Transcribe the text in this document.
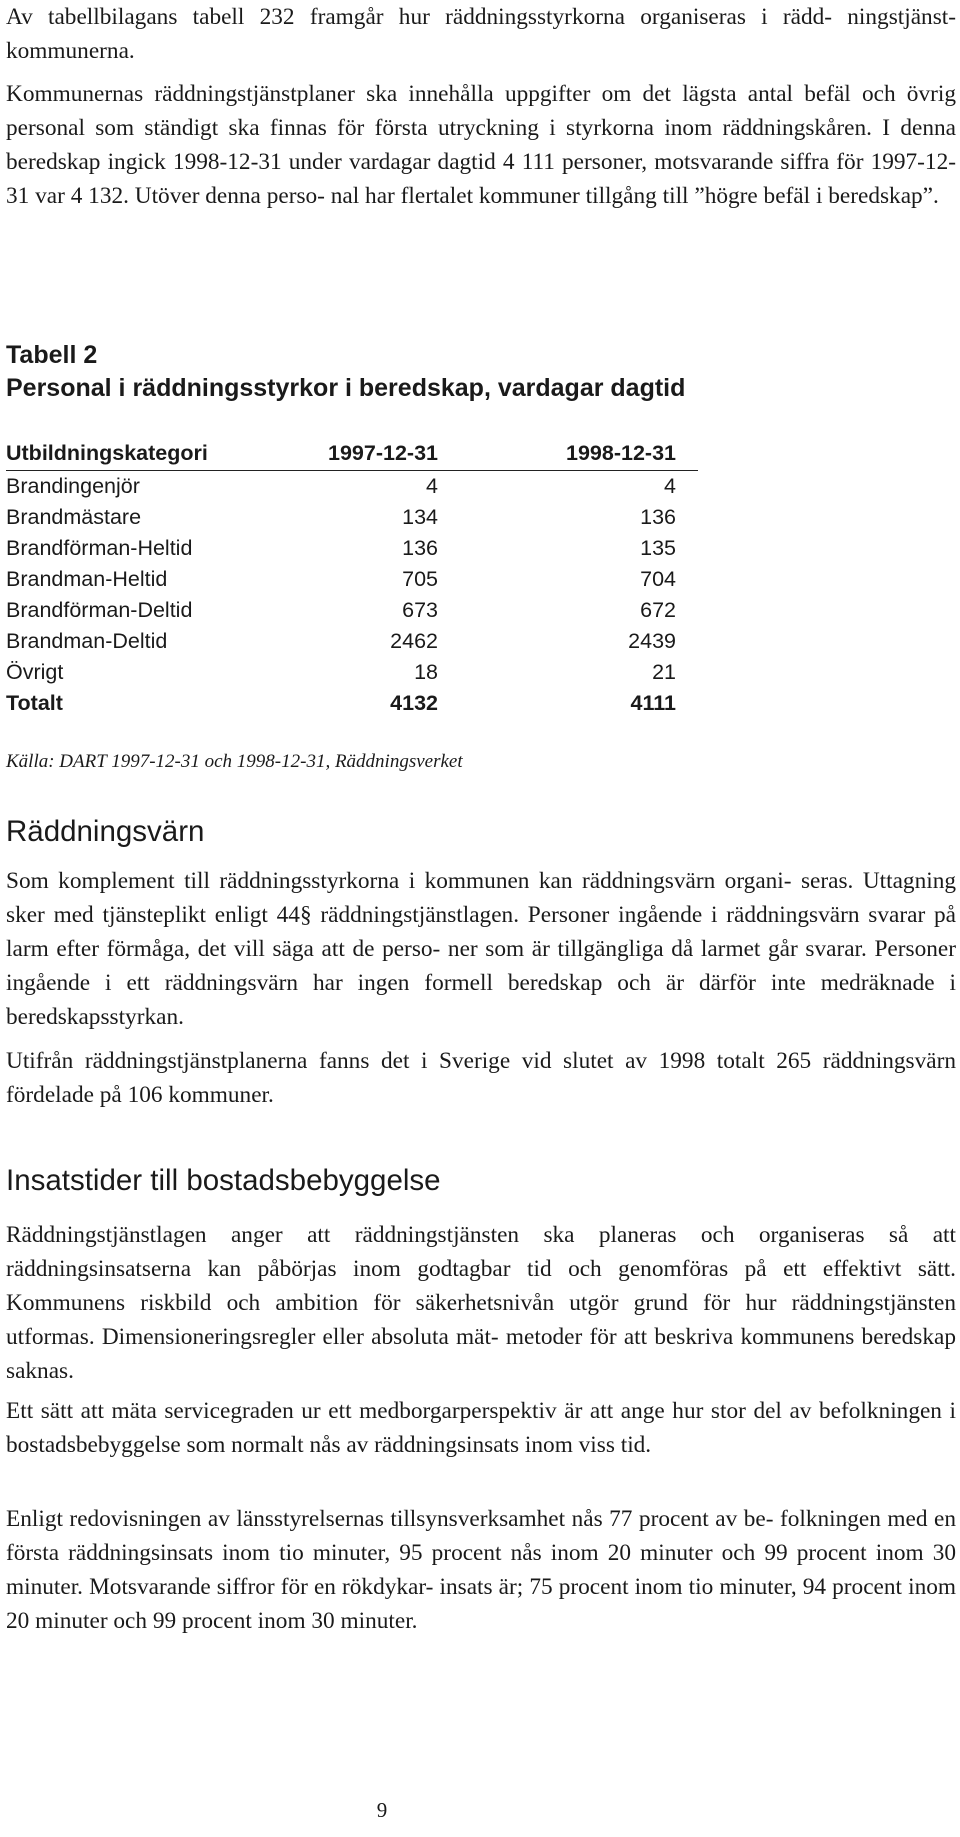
Av tabellbilagans tabell 232 framgår hur räddningsstyrkorna organiseras i rädd- ningstjänst-kommunerna.

Kommunernas räddningstjänstplaner ska innehålla uppgifter om det lägsta antal befäl och övrig personal som ständigt ska finnas för första utryckning i styrkorna inom räddningskåren. I denna beredskap ingick 1998-12-31 under vardagar dagtid 4 111 personer, motsvarande siffra för 1997-12-31 var 4 132. Utöver denna perso- nal har flertalet kommuner tillgång till ”högre befäl i beredskap”.

Tabell 2
Personal i räddningsstyrkor i beredskap, vardagar dagtid
Utbildningskategori	1997-12-31	1998-12-31	
Brandingenjör	4	4	
Brandmästare	134	136	
Brandförman-Heltid	136	135	
Brandman-Heltid	705	704	
Brandförman-Deltid	673	672	
Brandman-Deltid	2462	2439	
Övrigt	18	21	
Totalt	4132	4111	
Källa: DART 1997-12-31 och 1998-12-31, Räddningsverket
Räddningsvärn

Som komplement till räddningsstyrkorna i kommunen kan räddningsvärn organi- seras. Uttagning sker med tjänsteplikt enligt 44§ räddningstjänstlagen. Personer ingående i räddningsvärn svarar på larm efter förmåga, det vill säga att de perso- ner som är tillgängliga då larmet går svarar. Personer ingående i ett räddningsvärn har ingen formell beredskap och är därför inte medräknade i beredskapsstyrkan.

Utifrån räddningstjänstplanerna fanns det i Sverige vid slutet av 1998 totalt 265 räddningsvärn fördelade på 106 kommuner.

Insatstider till bostadsbebyggelse

Räddningstjänstlagen anger att räddningstjänsten ska planeras och organiseras så att räddningsinsatserna kan påbörjas inom godtagbar tid och genomföras på ett effektivt sätt. Kommunens riskbild och ambition för säkerhetsnivån utgör grund för hur räddningstjänsten utformas. Dimensioneringsregler eller absoluta mät- metoder för att beskriva kommunens beredskap saknas.

Ett sätt att mäta servicegraden ur ett medborgarperspektiv är att ange hur stor del av befolkningen i bostadsbebyggelse som normalt nås av räddningsinsats inom viss tid.

Enligt redovisningen av länsstyrelsernas tillsynsverksamhet nås 77 procent av be- folkningen med en första räddningsinsats inom tio minuter, 95 procent nås inom 20 minuter och 99 procent inom 30 minuter. Motsvarande siffror för en rökdykar- insats är; 75 procent inom tio minuter, 94 procent inom 20 minuter och 99 procent inom 30 minuter.

9
